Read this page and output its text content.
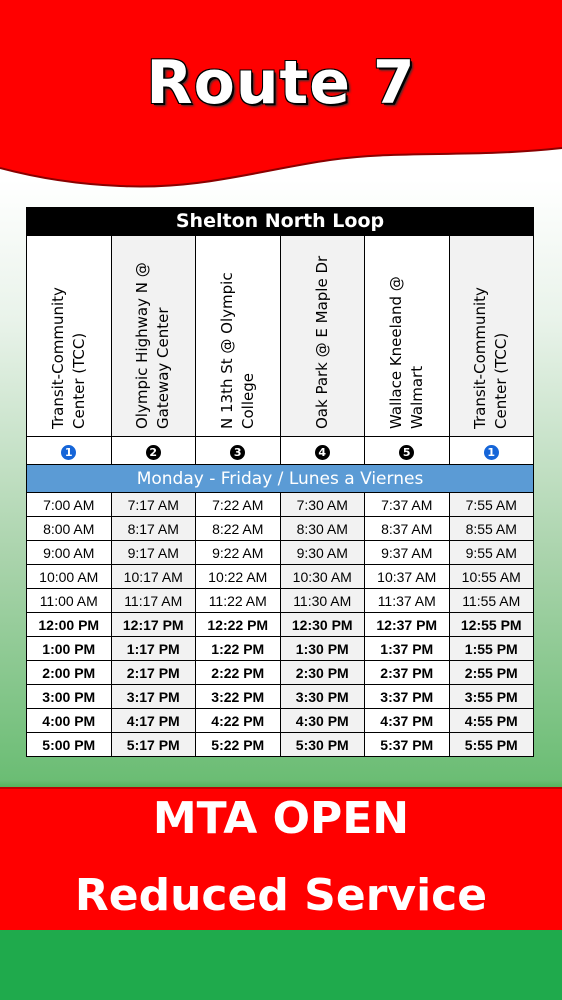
Route 7
Shelton North Loop					
Transit-Community Center (TCC)	Olympic Highway N @ Gateway Center	N 13th St @ Olympic College	Oak Park @ E Maple Dr	Wallace Kneeland @ Walmart	Transit-Community Center (TCC)
1	2	3	4	5	1
Monday - Friday / Lunes a Viernes					
7:00 AM	7:17 AM	7:22 AM	7:30 AM	7:37 AM	7:55 AM
8:00 AM	8:17 AM	8:22 AM	8:30 AM	8:37 AM	8:55 AM
9:00 AM	9:17 AM	9:22 AM	9:30 AM	9:37 AM	9:55 AM
10:00 AM	10:17 AM	10:22 AM	10:30 AM	10:37 AM	10:55 AM
11:00 AM	11:17 AM	11:22 AM	11:30 AM	11:37 AM	11:55 AM
12:00 PM	12:17 PM	12:22 PM	12:30 PM	12:37 PM	12:55 PM
1:00 PM	1:17 PM	1:22 PM	1:30 PM	1:37 PM	1:55 PM
2:00 PM	2:17 PM	2:22 PM	2:30 PM	2:37 PM	2:55 PM
3:00 PM	3:17 PM	3:22 PM	3:30 PM	3:37 PM	3:55 PM
4:00 PM	4:17 PM	4:22 PM	4:30 PM	4:37 PM	4:55 PM
5:00 PM	5:17 PM	5:22 PM	5:30 PM	5:37 PM	5:55 PM
MTA OPEN
Reduced Service
